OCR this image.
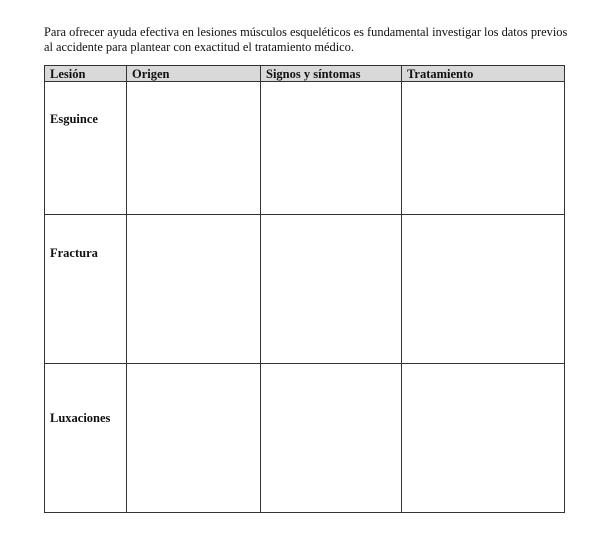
Para ofrecer ayuda efectiva en lesiones músculos esqueléticos es fundamental investigar los datos previos al accidente para plantear con exactitud el tratamiento médico.

Lesión	Origen	Signos y síntomas	Tratamiento

Esguince			

Fractura			

Luxaciones			
